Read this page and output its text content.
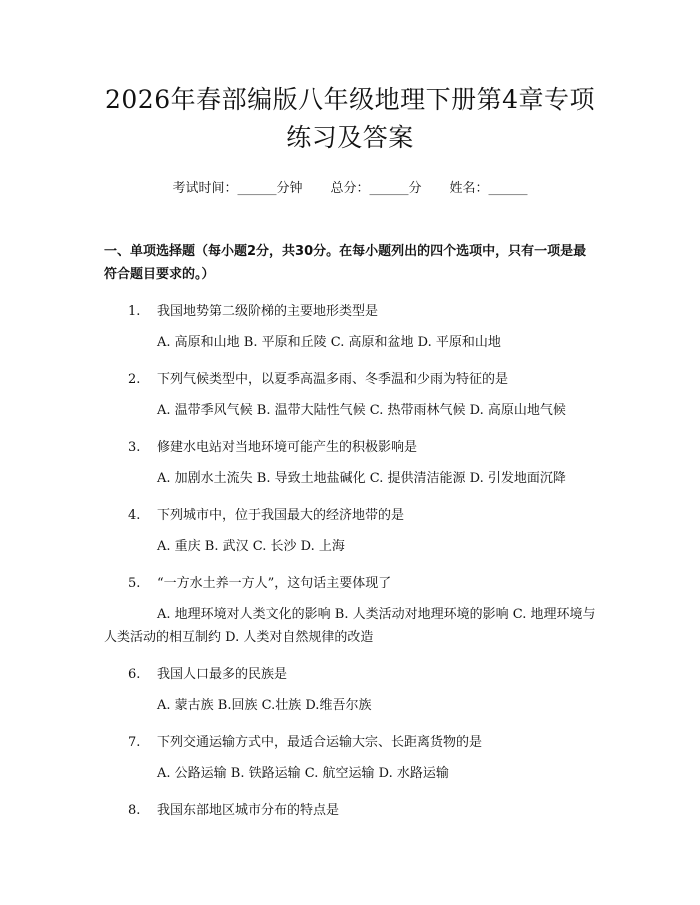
2026年春部编版八年级地理下册第4章专项练习及答案
考试时间：______分钟 总分：______分 姓名：______
一、单项选择题（每小题2分，共30分。在每小题列出的四个选项中，只有一项是最符合题目要求的。）
1. 我国地势第二级阶梯的主要地形类型是
A. 高原和山地 B. 平原和丘陵 C. 高原和盆地 D. 平原和山地
2. 下列气候类型中，以夏季高温多雨、冬季温和少雨为特征的是
A. 温带季风气候 B. 温带大陆性气候 C. 热带雨林气候 D. 高原山地气候
3. 修建水电站对当地环境可能产生的积极影响是
A. 加剧水土流失 B. 导致土地盐碱化 C. 提供清洁能源 D. 引发地面沉降
4. 下列城市中，位于我国最大的经济地带的是
A. 重庆 B. 武汉 C. 长沙 D. 上海
5. “一方水土养一方人”，这句话主要体现了
A. 地理环境对人类文化的影响 B. 人类活动对地理环境的影响 C. 地理环境与人类活动的相互制约 D. 人类对自然规律的改造
6. 我国人口最多的民族是
A. 蒙古族 B.回族 C.壮族 D.维吾尔族
7. 下列交通运输方式中，最适合运输大宗、长距离货物的是
A. 公路运输 B. 铁路运输 C. 航空运输 D. 水路运输
8. 我国东部地区城市分布的特点是
